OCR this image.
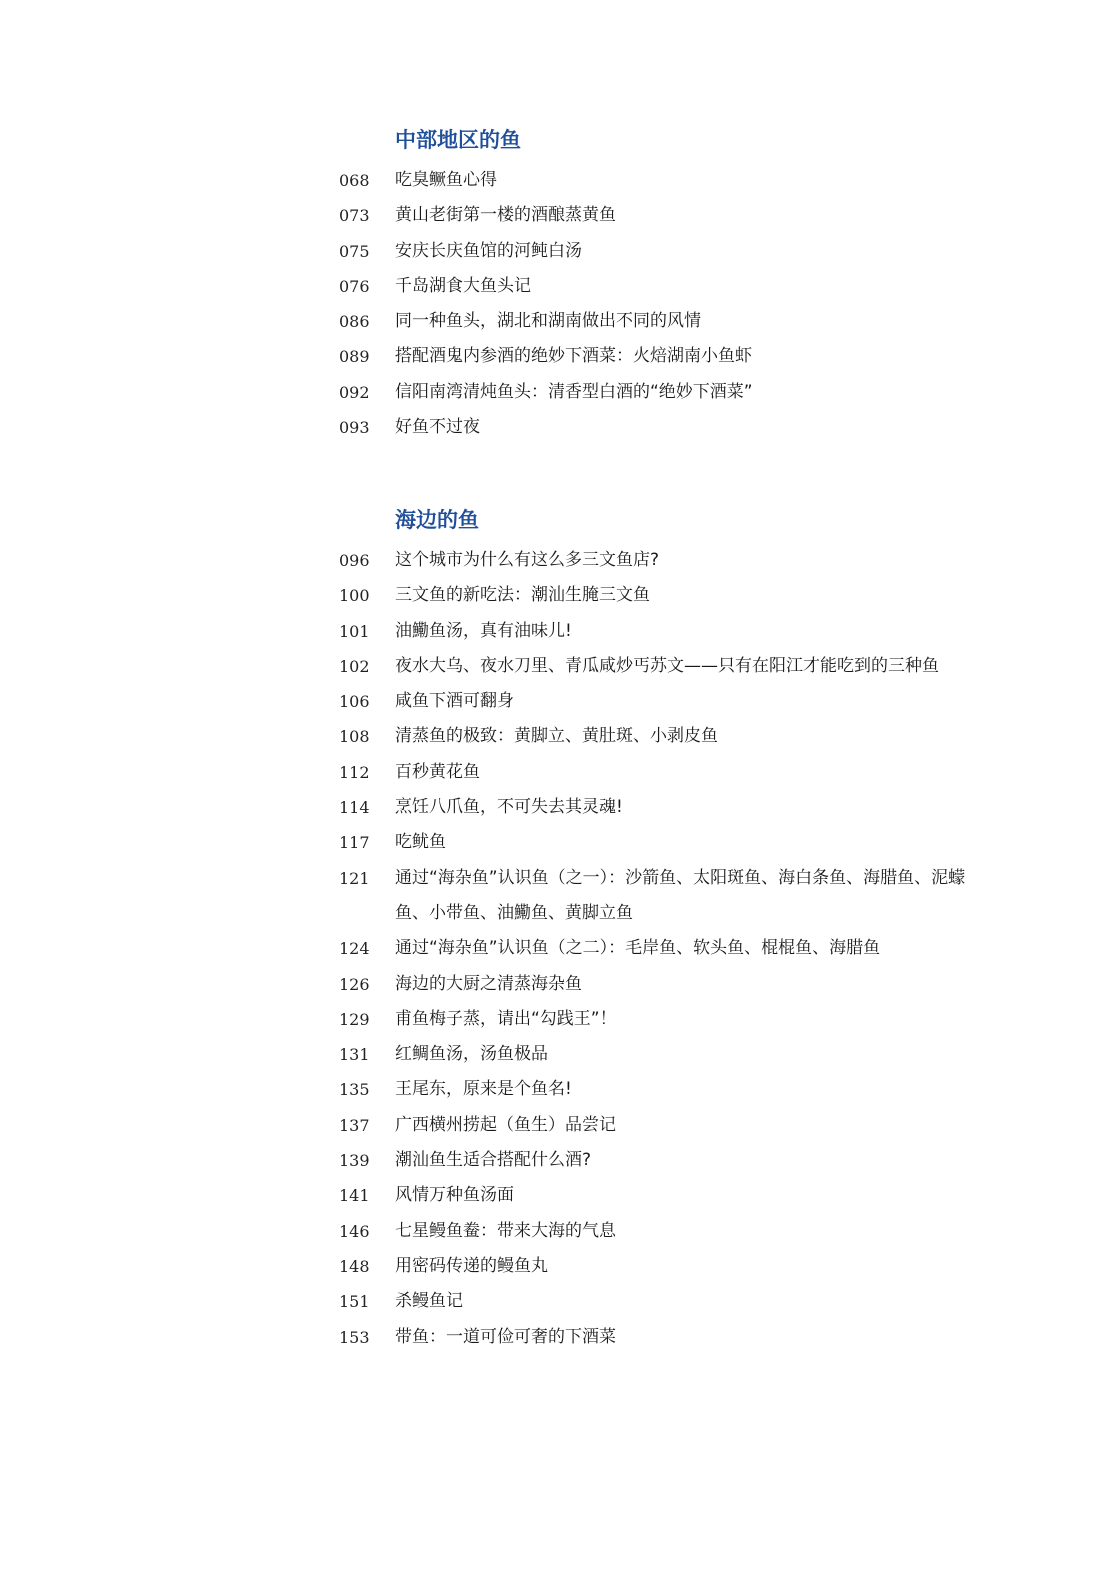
中部地区的鱼
068	吃臭鳜鱼心得
073	黄山老街第一楼的酒酿蒸黄鱼
075	安庆长庆鱼馆的河鲀白汤
076	千岛湖食大鱼头记
086	同一种鱼头，湖北和湖南做出不同的风情
089	搭配酒鬼内参酒的绝妙下酒菜：火焙湖南小鱼虾
092	信阳南湾清炖鱼头：清香型白酒的“绝妙下酒菜”
093	好鱼不过夜
海边的鱼
096	这个城市为什么有这么多三文鱼店?
100	三文鱼的新吃法：潮汕生腌三文鱼
101	油鰳鱼汤，真有油味儿!
102	夜水大乌、夜水刀里、青瓜咸炒丐苏文——只有在阳江才能吃到的三种鱼
106	咸鱼下酒可翻身
108	清蒸鱼的极致：黄脚立、黄肚斑、小剥皮鱼
112	百秒黄花鱼
114	烹饪八爪鱼，不可失去其灵魂!
117	吃鱿鱼
121	通过“海杂鱼”认识鱼（之一）：沙箭鱼、太阳斑鱼、海白条鱼、海腊鱼、泥蠓鱼、小带鱼、油鰳鱼、黄脚立鱼
124	通过“海杂鱼”认识鱼（之二）：毛岸鱼、软头鱼、棍棍鱼、海腊鱼
126	海边的大厨之清蒸海杂鱼
129	甫鱼梅子蒸，请出“勾践王”！
131	红鲷鱼汤，汤鱼极品
135	王尾东，原来是个鱼名!
137	广西横州捞起（鱼生）品尝记
139	潮汕鱼生适合搭配什么酒?
141	风情万种鱼汤面
146	七星鳗鱼鲞：带来大海的气息
148	用密码传递的鳗鱼丸
151	杀鳗鱼记
153	带鱼：一道可俭可奢的下酒菜
